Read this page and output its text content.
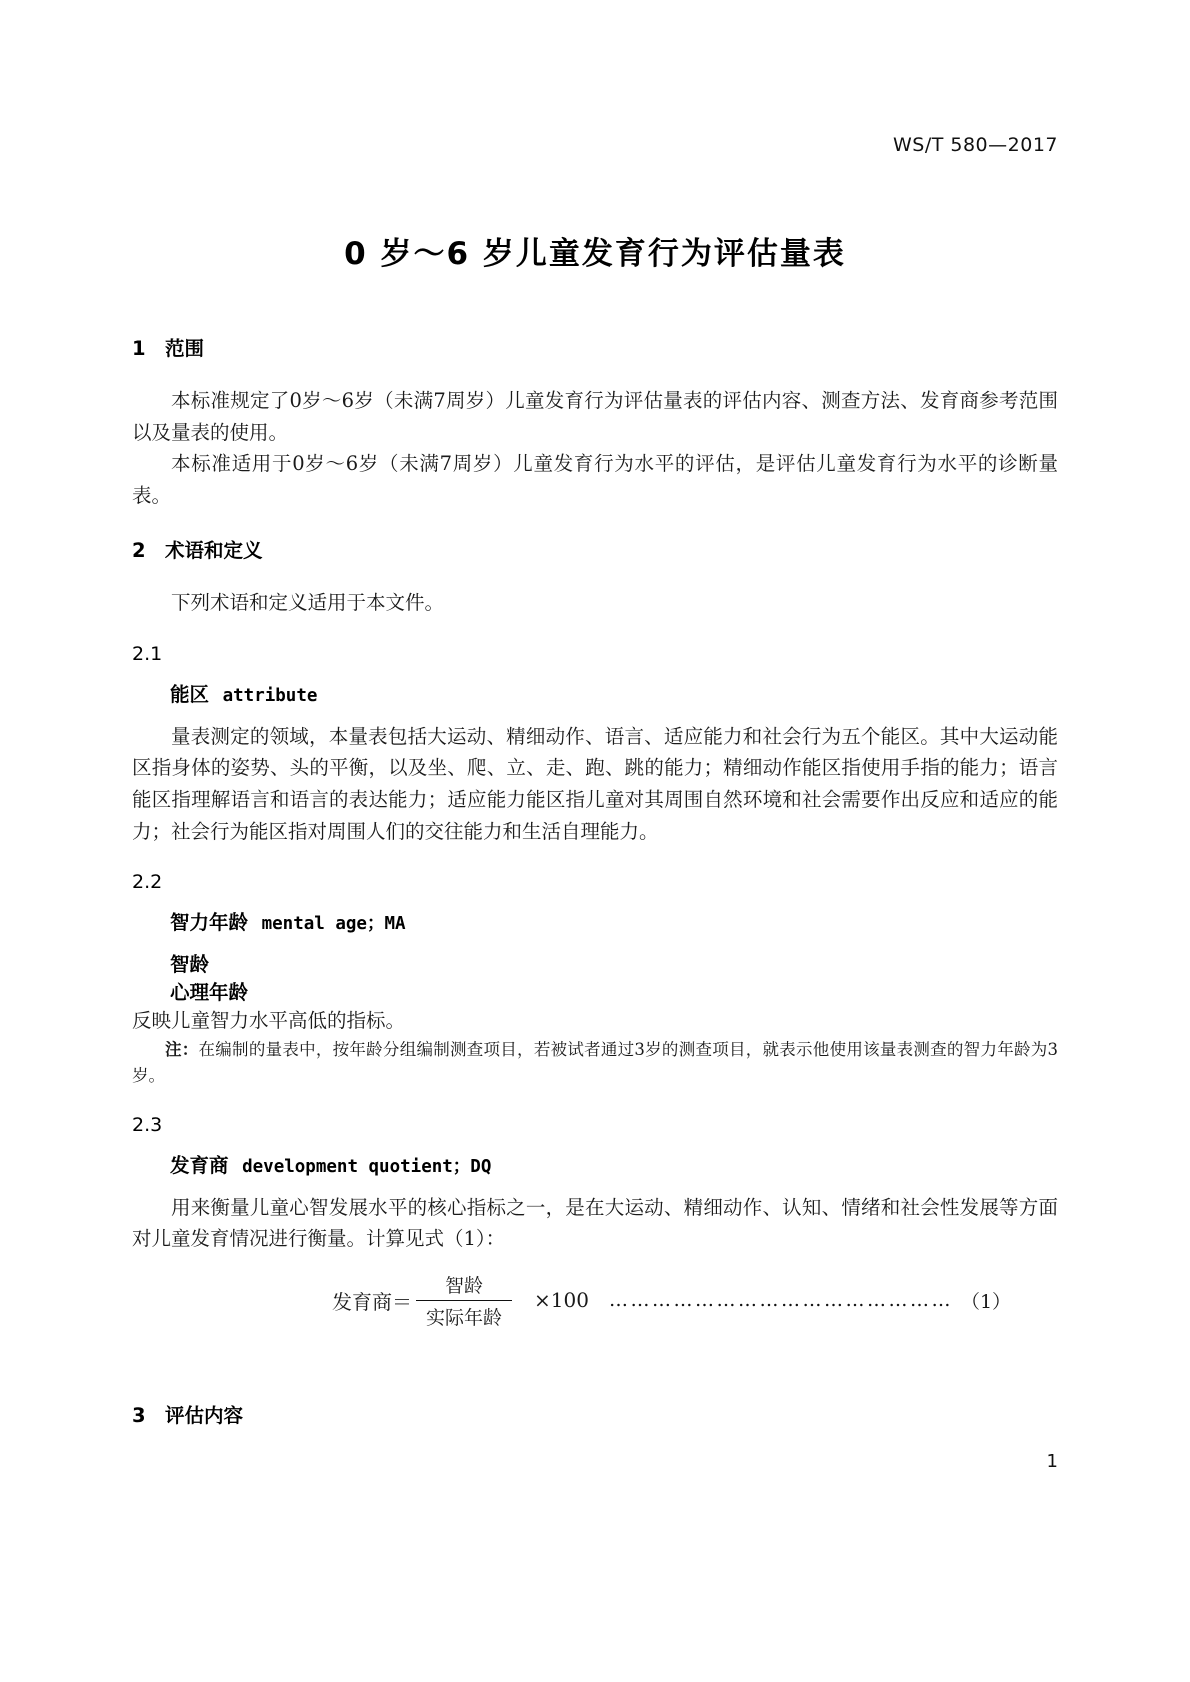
WS/T 580—2017
0 岁～6 岁儿童发育行为评估量表
1 范围

本标准规定了0岁～6岁（未满7周岁）儿童发育行为评估量表的评估内容、测查方法、发育商参考范围以及量表的使用。

本标准适用于0岁～6岁（未满7周岁）儿童发育行为水平的评估，是评估儿童发育行为水平的诊断量表。

2 术语和定义

下列术语和定义适用于本文件。

2.1
能区 attribute

量表测定的领域，本量表包括大运动、精细动作、语言、适应能力和社会行为五个能区。其中大运动能区指身体的姿势、头的平衡，以及坐、爬、立、走、跑、跳的能力；精细动作能区指使用手指的能力；语言能区指理解语言和语言的表达能力；适应能力能区指儿童对其周围自然环境和社会需要作出反应和适应的能力；社会行为能区指对周围人们的交往能力和生活自理能力。

2.2
智力年龄 mental age；MA
智龄
心理年龄

反映儿童智力水平高低的指标。

注：在编制的量表中，按年龄分组编制测查项目，若被试者通过3岁的测查项目，就表示他使用该量表测查的智力年龄为3岁。

2.3
发育商 development quotient；DQ

用来衡量儿童心智发展水平的核心指标之一，是在大运动、精细动作、认知、情绪和社会性发展等方面对儿童发育情况进行衡量。计算见式（1）：

发育商＝ $\frac{\text{智龄}}{\text{实际年龄}} \times 100$ ………………………………………… （1）
3 评估内容
1
